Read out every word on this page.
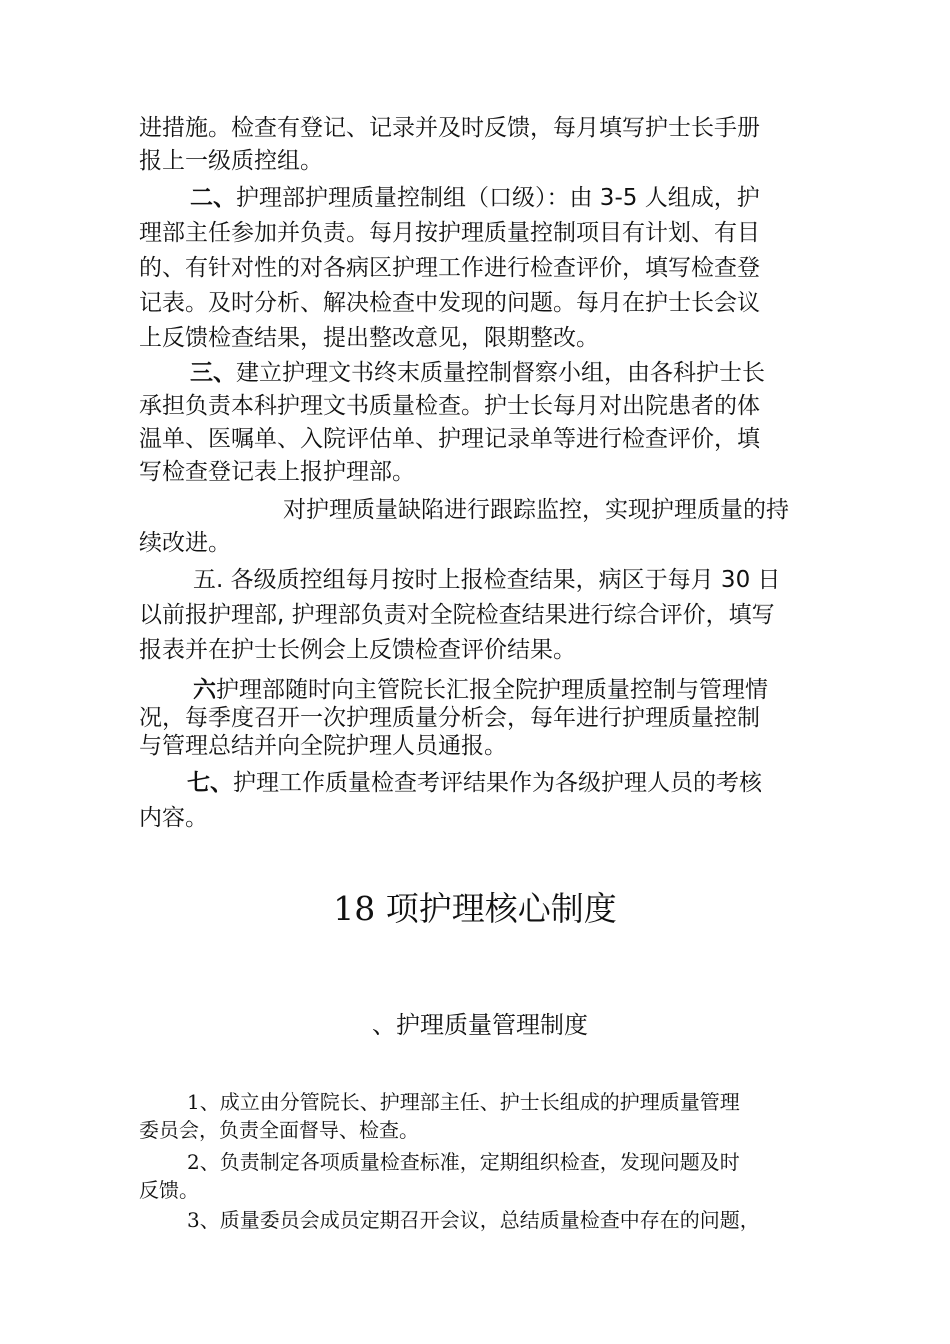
进措施。检查有登记、记录并及时反馈，每月填写护士长手册
报上一级质控组。
二、护理部护理质量控制组（口级）：由 3-5 人组成，护
理部主任参加并负责。每月按护理质量控制项目有计划、有目
的、有针对性的对各病区护理工作进行检查评价，填写检查登
记表。及时分析、解决检查中发现的问题。每月在护士长会议
上反馈检查结果，提出整改意见，限期整改。
三、建立护理文书终末质量控制督察小组，由各科护士长
承担负责本科护理文书质量检查。护士长每月对出院患者的体
温单、医嘱单、入院评估单、护理记录单等进行检查评价，填
写检查登记表上报护理部。
对护理质量缺陷进行跟踪监控，实现护理质量的持
续改进。
五. 各级质控组每月按时上报检查结果，病区于每月 30 日
以前报护理部, 护理部负责对全院检查结果进行综合评价，填写
报表并在护士长例会上反馈检查评价结果。
六护理部随时向主管院长汇报全院护理质量控制与管理情
况，每季度召开一次护理质量分析会，每年进行护理质量控制
与管理总结并向全院护理人员通报。
七、护理工作质量检查考评结果作为各级护理人员的考核
内容。
18 项护理核心制度
、护理质量管理制度
1、成立由分管院长、护理部主任、护士长组成的护理质量管理
委员会，负责全面督导、检查。
2、负责制定各项质量检查标准，定期组织检查，发现问题及时
反馈。
3、质量委员会成员定期召开会议，总结质量检查中存在的问题，
